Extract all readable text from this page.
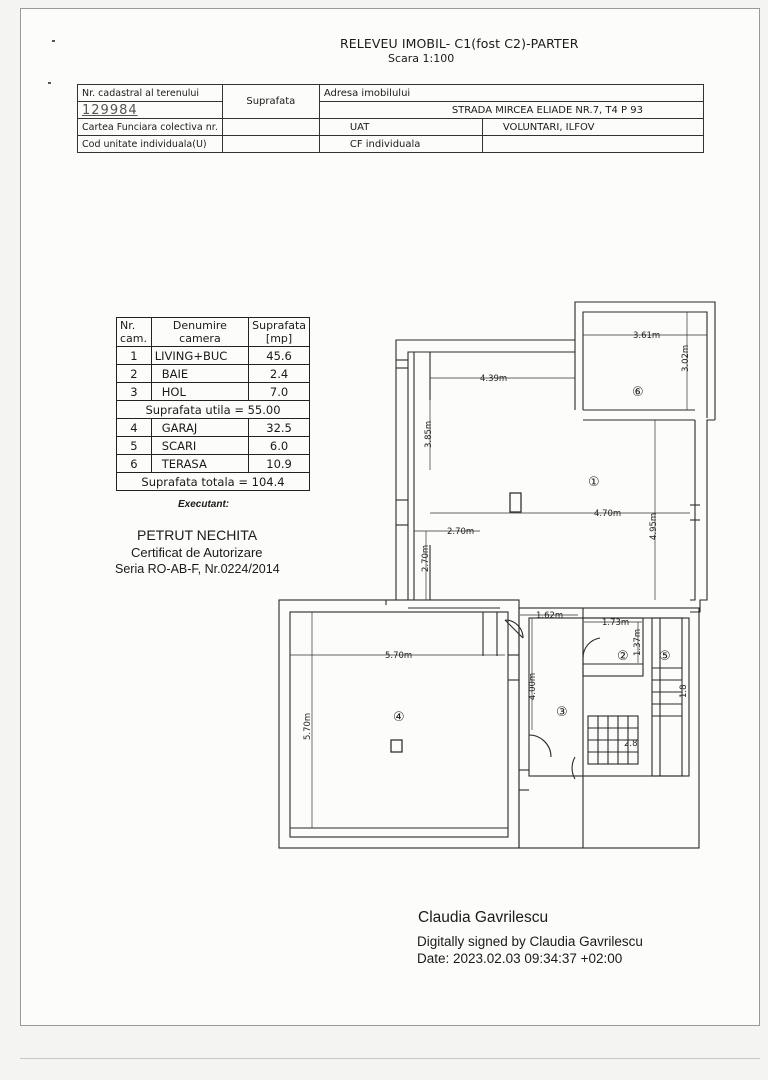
RELEVEU IMOBIL- C1(fost C2)-PARTER
Scara 1:100
Nr. cadastral al terenului	Suprafata	Adresa imobilului	
129984		STRADA MIRCEA ELIADE NR.7, T4 P 93	
Cartea Funciara colectiva nr.		UAT	VOLUNTARI, ILFOV
Cod unitate individuala(U)		CF individuala	
Nr. cam.	Denumire camera	Suprafata [mp]
1	LIVING+BUC	45.6
2	BAIE	2.4
3	HOL	7.0
Suprafata utila = 55.00		
4	GARAJ	32.5
5	SCARI	6.0
6	TERASA	10.9
Suprafata totala = 104.4		
Executant:
PETRUT NECHITA
Certificat de Autorizare
Seria RO-AB-F, Nr.0224/2014
3.61m
3.02m
4.39m
3.85m
4.70m	4.95m
2.70m
2.70m
1.62m
1.73m
1.37m
5.70m
5.70m
4.00m	1.8
2.8
①
②
③
④
⑤
⑥
Claudia Gavrilescu
Digitally signed by Claudia Gavrilescu
Date: 2023.02.03 09:34:37 +02:00
